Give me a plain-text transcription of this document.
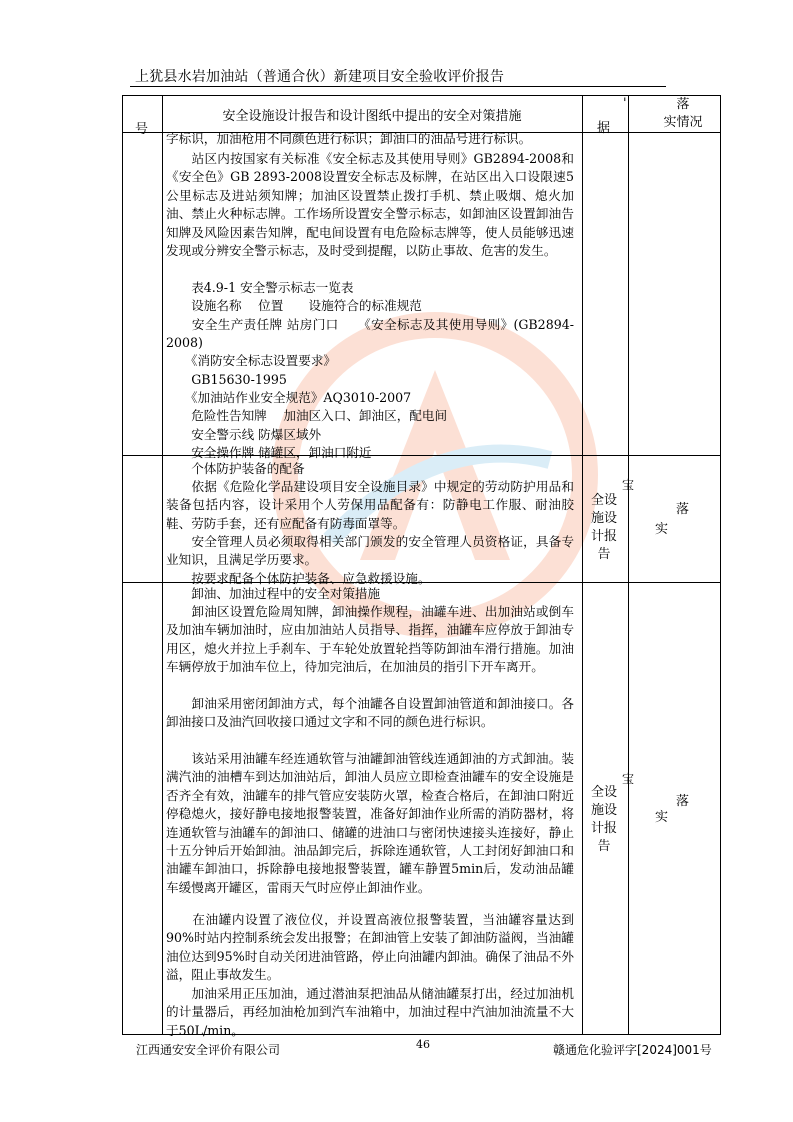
上犹县水岩加油站（普通合伙）新建项目安全验收评价报告
号
安全设施设计报告和设计图纸中提出的安全对策措施
'
据
落
实情况

字标识，加油枪用不同颜色进行标识；卸油口的油品号进行标识。

　　站区内按国家有关标准《安全标志及其使用导则》GB2894-2008和《安全色》GB 2893-2008设置安全标志及标牌，在站区出入口设限速5公里标志及进站须知牌；加油区设置禁止拨打手机、禁止吸烟、熄火加油、禁止火种标志牌。工作场所设置安全警示标志，如卸油区设置卸油告知牌及风险因素告知牌，配电间设置有电危险标志牌等，使人员能够迅速发现或分辨安全警示标志，及时受到提醒，以防止事故、危害的发生。

　　表4.9-1 安全警示标志一览表

　　设施名称　 位置　　设施符合的标准规范

　　安全生产责任牌 站房门口　　《安全标志及其使用导则》(GB2894-2008)

　　《消防安全标志设置要求》

　　GB15630-1995

　　《加油站作业安全规范》AQ3010-2007

　　危险性告知牌　 加油区入口、卸油区，配电间

　　安全警示线 防爆区域外

　　安全操作牌 储罐区，卸油口附近

　　个体防护装备的配备

　　依据《危险化学品建设项目安全设施目录》中规定的劳动防护用品和装备包括内容，设计采用个人劳保用品配备有：防静电工作服、耐油胶鞋、劳防手套，还有应配备有防毒面罩等。

　　安全管理人员必须取得相关部门颁发的安全管理人员资格证，具备专业知识，且满足学历要求。

　　按要求配备个体防护装备、应急救援设施。

宝
全设
施设
计报
告
落
实

　　卸油、加油过程中的安全对策措施

　　卸油区设置危险周知牌，卸油操作规程，油罐车进、出加油站或倒车及加油车辆加油时，应由加油站人员指导、指挥，油罐车应停放于卸油专用区，熄火并拉上手刹车、于车轮处放置轮挡等防卸油车滑行措施。加油车辆停放于加油车位上，待加完油后，在加油员的指引下开车离开。

　　卸油采用密闭卸油方式，每个油罐各自设置卸油管道和卸油接口。各卸油接口及油汽回收接口通过文字和不同的颜色进行标识。

　　该站采用油罐车经连通软管与油罐卸油管线连通卸油的方式卸油。装满汽油的油槽车到达加油站后，卸油人员应立即检查油罐车的安全设施是否齐全有效，油罐车的排气管应安装防火罩，检查合格后，在卸油口附近停稳熄火，接好静电接地报警装置，准备好卸油作业所需的消防器材，将连通软管与油罐车的卸油口、储罐的进油口与密闭快速接头连接好，静止十五分钟后开始卸油。油品卸完后，拆除连通软管，人工封闭好卸油口和油罐车卸油口，拆除静电接地报警装置，罐车静置5min后，发动油品罐车缓慢离开罐区，雷雨天气时应停止卸油作业。

　　在油罐内设置了液位仪，并设置高液位报警装置，当油罐容量达到90%时站内控制系统会发出报警；在卸油管上安装了卸油防溢阀，当油罐油位达到95%时自动关闭进油管路，停止向油罐内卸油。确保了油品不外溢，阻止事故发生。

　　加油采用正压加油，通过潜油泵把油品从储油罐泵打出，经过加油机的计量器后，再经加油枪加到汽车油箱中，加油过程中汽油加油流量不大于50L/min。

宝
全设
施设
计报
告
落
实
江西通安安全评价有限公司	46	赣通危化验评字[2024]001号
